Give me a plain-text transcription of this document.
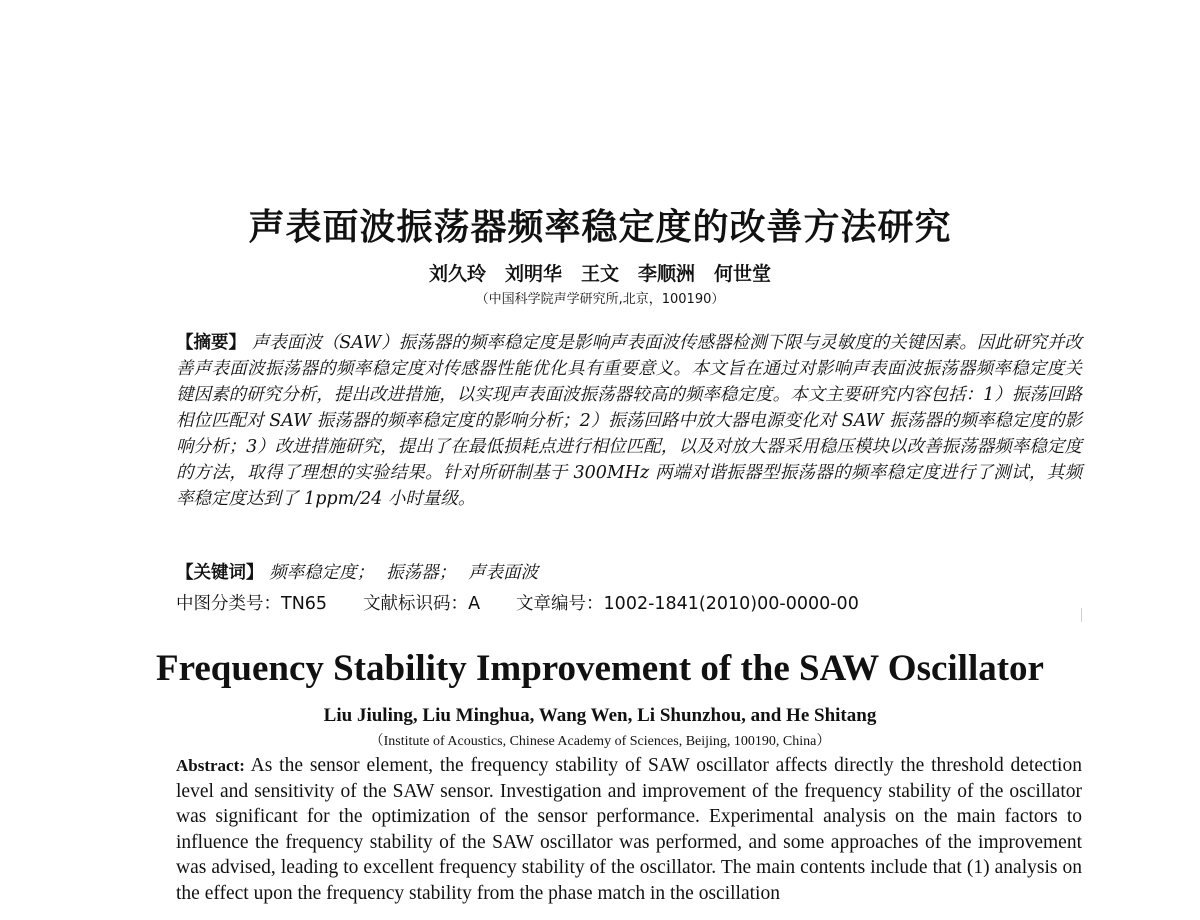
声表面波振荡器频率稳定度的改善方法研究
刘久玲　刘明华　王文　李顺洲　何世堂
（中国科学院声学研究所,北京，100190）

【摘要】 声表面波（SAW）振荡器的频率稳定度是影响声表面波传感器检测下限与灵敏度的关键因素。因此研究并改善声表面波振荡器的频率稳定度对传感器性能优化具有重要意义。本文旨在通过对影响声表面波振荡器频率稳定度关键因素的研究分析，提出改进措施，以实现声表面波振荡器较高的频率稳定度。本文主要研究内容包括：1）振荡回路相位匹配对 SAW 振荡器的频率稳定度的影响分析；2）振荡回路中放大器电源变化对 SAW 振荡器的频率稳定度的影响分析；3）改进措施研究，提出了在最低损耗点进行相位匹配，以及对放大器采用稳压模块以改善振荡器频率稳定度的方法，取得了理想的实验结果。针对所研制基于 300MHz 两端对谐振器型振荡器的频率稳定度进行了测试，其频率稳定度达到了 1ppm/24 小时量级。

【关键词】 频率稳定度； 振荡器； 声表面波

中图分类号：TN65 文献标识码：A 文章编号：1002-1841(2010)00-0000-00

Frequency Stability Improvement of the SAW Oscillator
Liu Jiuling, Liu Minghua, Wang Wen, Li Shunzhou, and He Shitang
（Institute of Acoustics, Chinese Academy of Sciences, Beijing, 100190, China）

Abstract: As the sensor element, the frequency stability of SAW oscillator affects directly the threshold detection level and sensitivity of the SAW sensor. Investigation and improvement of the frequency stability of the oscillator was significant for the optimization of the sensor performance. Experimental analysis on the main factors to influence the frequency stability of the SAW oscillator was performed, and some approaches of the improvement was advised, leading to excellent frequency stability of the oscillator. The main contents include that (1) analysis on the effect upon the frequency stability from the phase match in the oscillation
